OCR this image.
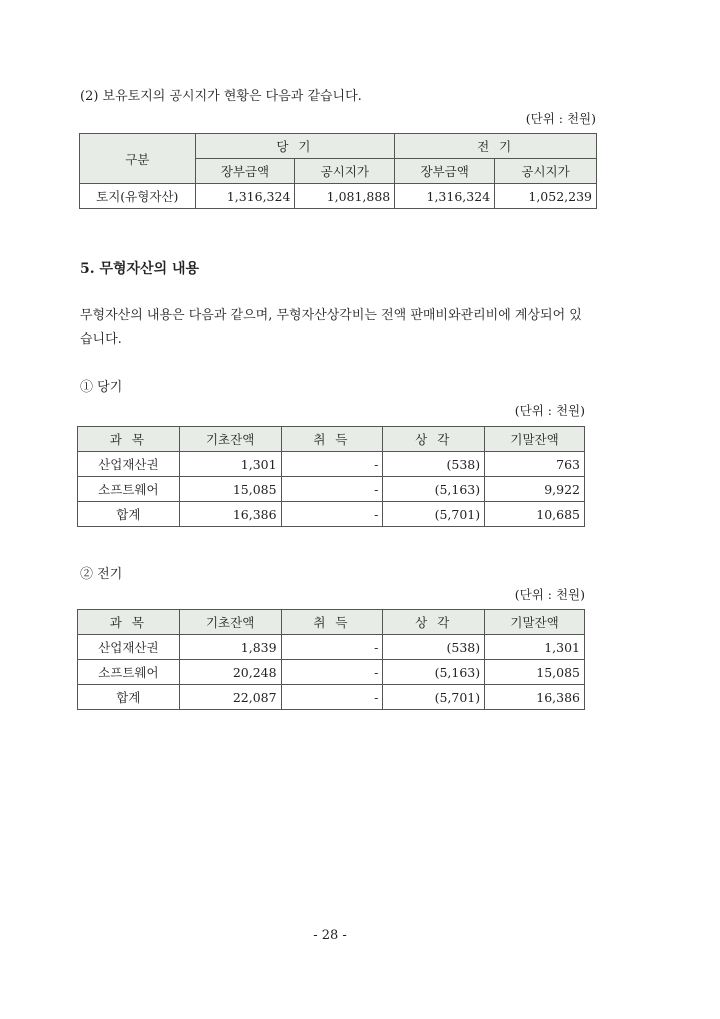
(2) 보유토지의 공시지가 현황은 다음과 같습니다.
(단위 : 천원)
구분	당 기		전 기	
	장부금액	공시지가	장부금액	공시지가
토지(유형자산)	1,316,324	1,081,888	1,316,324	1,052,239
5. 무형자산의 내용
무형자산의 내용은 다음과 같으며, 무형자산상각비는 전액 판매비와관리비에 계상되어 있
습니다.
① 당기
(단위 : 천원)
과 목	기초잔액	취 득	상 각	기말잔액
산업재산권	1,301	-	(538)	763
소프트웨어	15,085	-	(5,163)	9,922
합계	16,386	-	(5,701)	10,685
② 전기
(단위 : 천원)
과 목	기초잔액	취 득	상 각	기말잔액
산업재산권	1,839	-	(538)	1,301
소프트웨어	20,248	-	(5,163)	15,085
합계	22,087	-	(5,701)	16,386
- 28 -
